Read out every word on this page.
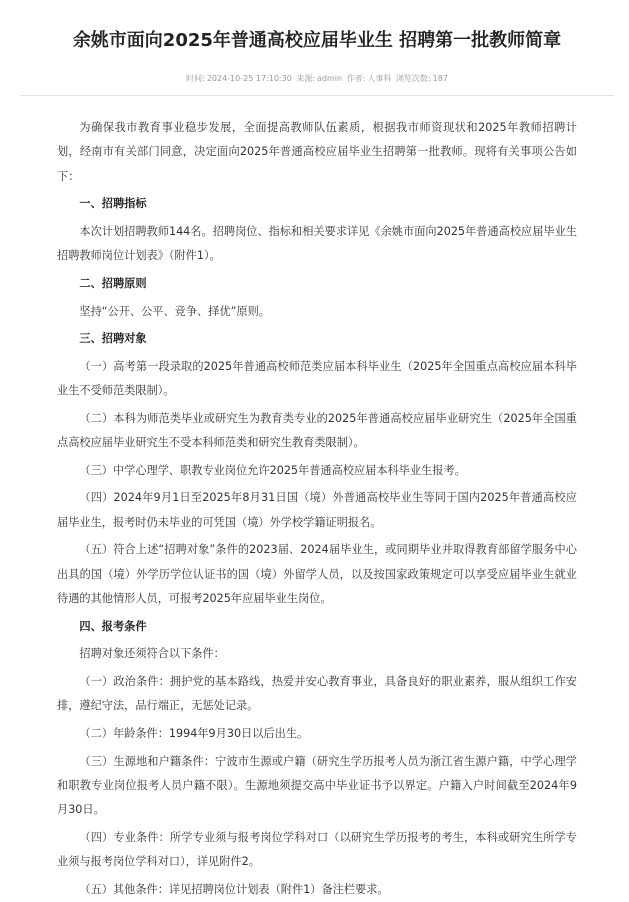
余姚市面向2025年普通高校应届毕业生 招聘第一批教师简章
时间: 2024-10-25 17:10:30 来源: admin 作者: 人事科 浏览次数: 187

为确保我市教育事业稳步发展，全面提高教师队伍素质，根据我市师资现状和2025年教师招聘计划，经南市有关部门同意，决定面向2025年普通高校应届毕业生招聘第一批教师。现将有关事项公告如下：

一、招聘指标

本次计划招聘教师144名。招聘岗位、指标和相关要求详见《余姚市面向2025年普通高校应届毕业生招聘教师岗位计划表》（附件1）。

二、招聘原则

坚持“公开、公平、竞争、择优”原则。

三、招聘对象

（一）高考第一段录取的2025年普通高校师范类应届本科毕业生（2025年全国重点高校应届本科毕业生不受师范类限制）。

（二）本科为师范类毕业或研究生为教育类专业的2025年普通高校应届毕业研究生（2025年全国重点高校应届毕业研究生不受本科师范类和研究生教育类限制）。

（三）中学心理学、职教专业岗位允许2025年普通高校应届本科毕业生报考。

（四）2024年9月1日至2025年8月31日国（境）外普通高校毕业生等同于国内2025年普通高校应届毕业生，报考时仍未毕业的可凭国（境）外学校学籍证明报名。

（五）符合上述“招聘对象”条件的2023届、2024届毕业生，或同期毕业并取得教育部留学服务中心出具的国（境）外学历学位认证书的国（境）外留学人员，以及按国家政策规定可以享受应届毕业生就业待遇的其他情形人员，可报考2025年应届毕业生岗位。

四、报考条件

招聘对象还须符合以下条件：

（一）政治条件：拥护党的基本路线，热爱并安心教育事业，具备良好的职业素养，服从组织工作安排，遵纪守法，品行端正，无惩处记录。

（二）年龄条件：1994年9月30日以后出生。

（三）生源地和户籍条件：宁波市生源或户籍（研究生学历报考人员为浙江省生源户籍，中学心理学和职教专业岗位报考人员户籍不限）。生源地须提交高中毕业证书予以界定。户籍入户时间截至2024年9月30日。

（四）专业条件：所学专业须与报考岗位学科对口（以研究生学历报考的考生，本科或研究生所学专业须与报考岗位学科对口），详见附件2。

（五）其他条件：详见招聘岗位计划表（附件1）备注栏要求。
